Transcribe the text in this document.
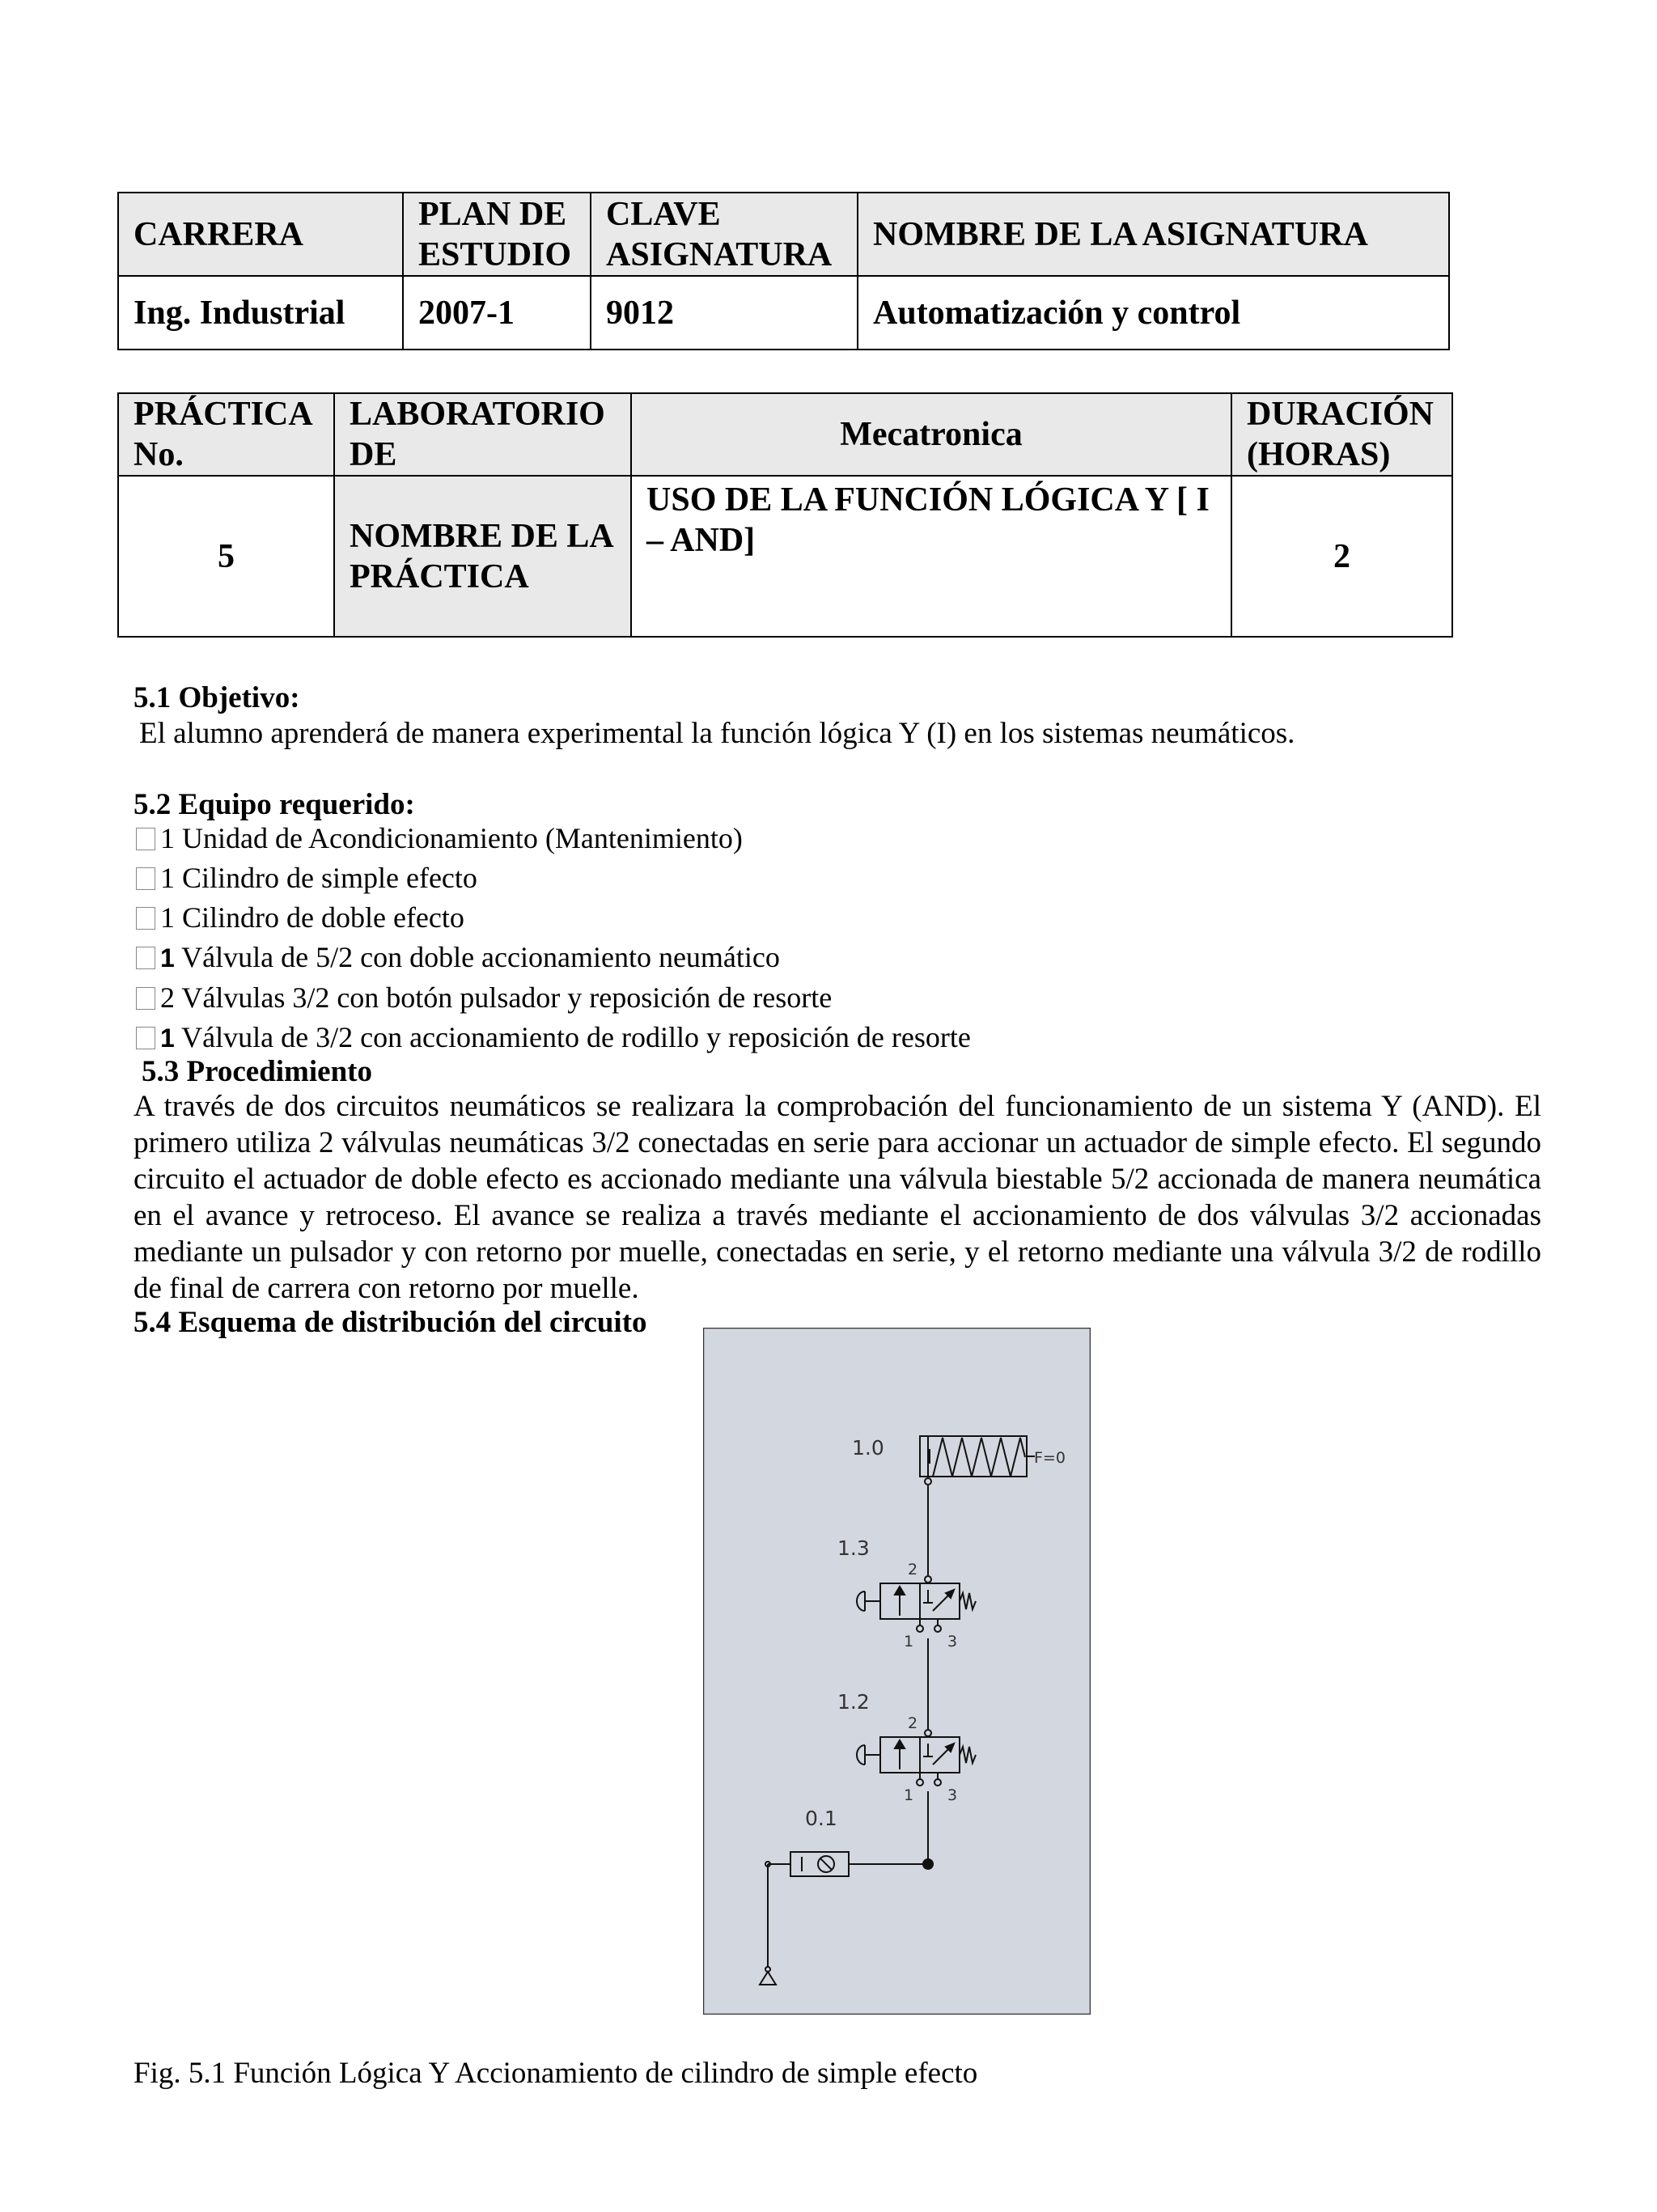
CARRERA	PLAN DE ESTUDIO	CLAVE ASIGNATURA	NOMBRE DE LA ASIGNATURA
Ing. Industrial	2007-1	9012	Automatización y control
PRÁCTICA No.	LABORATORIO DE	Mecatronica	DURACIÓN (HORAS)
5	NOMBRE DE LA PRÁCTICA	USO DE LA FUNCIÓN LÓGICA Y [ I – AND]	2
5.1 Objetivo:
El alumno aprenderá de manera experimental la función lógica Y (I) en los sistemas neumáticos.
5.2 Equipo requerido:
1 Unidad de Acondicionamiento (Mantenimiento)
1 Cilindro de simple efecto
1 Cilindro de doble efecto
1 Válvula de 5/2 con doble accionamiento neumático
2 Válvulas 3/2 con botón pulsador y reposición de resorte
1 Válvula de 3/2 con accionamiento de rodillo y reposición de resorte
5.3 Procedimiento
A través de dos circuitos neumáticos se realizara la comprobación del funcionamiento de un sistema Y (AND). El primero utiliza 2 válvulas neumáticas 3/2 conectadas en serie para accionar un actuador de simple efecto. El segundo circuito el actuador de doble efecto es accionado mediante una válvula biestable 5/2 accionada de manera neumática en el avance y retroceso. El avance se realiza a través mediante el accionamiento de dos válvulas 3/2 accionadas mediante un pulsador y con retorno por muelle, conectadas en serie, y el retorno mediante una válvula 3/2 de rodillo de final de carrera con retorno por muelle.
5.4 Esquema de distribución del circuito
1.0	F=0
1.3
2
1 3
1.2
2
1 3
0.1
Fig. 5.1 Función Lógica Y Accionamiento de cilindro de simple efecto
